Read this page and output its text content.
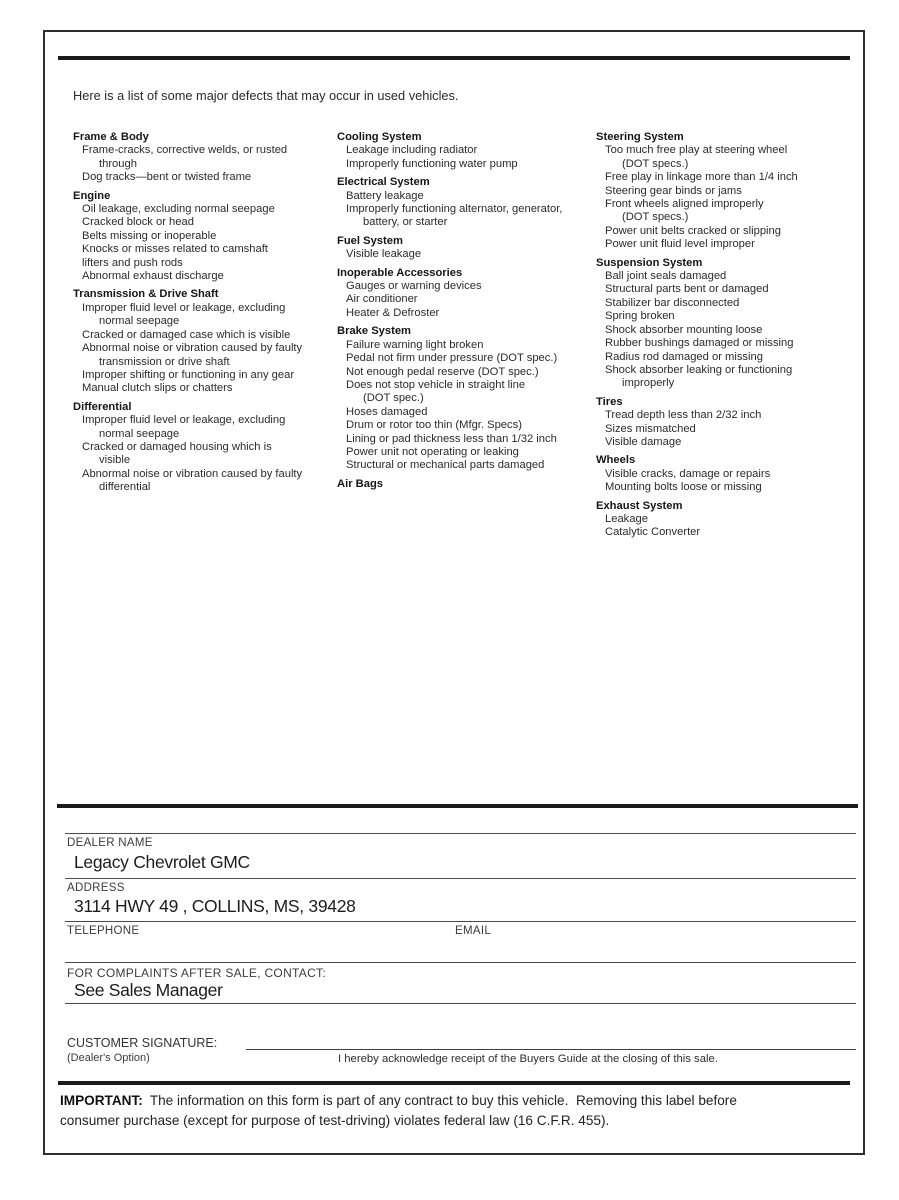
Here is a list of some major defects that may occur in used vehicles.
Frame & Body
Frame-cracks, corrective welds, or rusted
through
Dog tracks—bent or twisted frame
Engine
Oil leakage, excluding normal seepage
Cracked block or head
Belts missing or inoperable
Knocks or misses related to camshaft
lifters and push rods
Abnormal exhaust discharge
Transmission & Drive Shaft
Improper fluid level or leakage, excluding
normal seepage
Cracked or damaged case which is visible
Abnormal noise or vibration caused by faulty
transmission or drive shaft
Improper shifting or functioning in any gear
Manual clutch slips or chatters
Differential
Improper fluid level or leakage, excluding
normal seepage
Cracked or damaged housing which is
visible
Abnormal noise or vibration caused by faulty
differential
Cooling System
Leakage including radiator
Improperly functioning water pump
Electrical System
Battery leakage
Improperly functioning alternator, generator,
battery, or starter
Fuel System
Visible leakage
Inoperable Accessories
Gauges or warning devices
Air conditioner
Heater & Defroster
Brake System
Failure warning light broken
Pedal not firm under pressure (DOT spec.)
Not enough pedal reserve (DOT spec.)
Does not stop vehicle in straight line
(DOT spec.)
Hoses damaged
Drum or rotor too thin (Mfgr. Specs)
Lining or pad thickness less than 1/32 inch
Power unit not operating or leaking
Structural or mechanical parts damaged
Air Bags
Steering System
Too much free play at steering wheel
(DOT specs.)
Free play in linkage more than 1/4 inch
Steering gear binds or jams
Front wheels aligned improperly
(DOT specs.)
Power unit belts cracked or slipping
Power unit fluid level improper
Suspension System
Ball joint seals damaged
Structural parts bent or damaged
Stabilizer bar disconnected
Spring broken
Shock absorber mounting loose
Rubber bushings damaged or missing
Radius rod damaged or missing
Shock absorber leaking or functioning
improperly
Tires
Tread depth less than 2/32 inch
Sizes mismatched
Visible damage
Wheels
Visible cracks, damage or repairs
Mounting bolts loose or missing
Exhaust System
Leakage
Catalytic Converter
DEALER NAME
Legacy Chevrolet GMC
ADDRESS
3114 HWY 49 , COLLINS, MS, 39428
TELEPHONE	EMAIL
FOR COMPLAINTS AFTER SALE, CONTACT:
See Sales Manager
CUSTOMER SIGNATURE:
(Dealer's Option)	I hereby acknowledge receipt of the Buyers Guide at the closing of this sale.
IMPORTANT: The information on this form is part of any contract to buy this vehicle.  Removing this label before
consumer purchase (except for purpose of test-driving) violates federal law (16 C.F.R. 455).
